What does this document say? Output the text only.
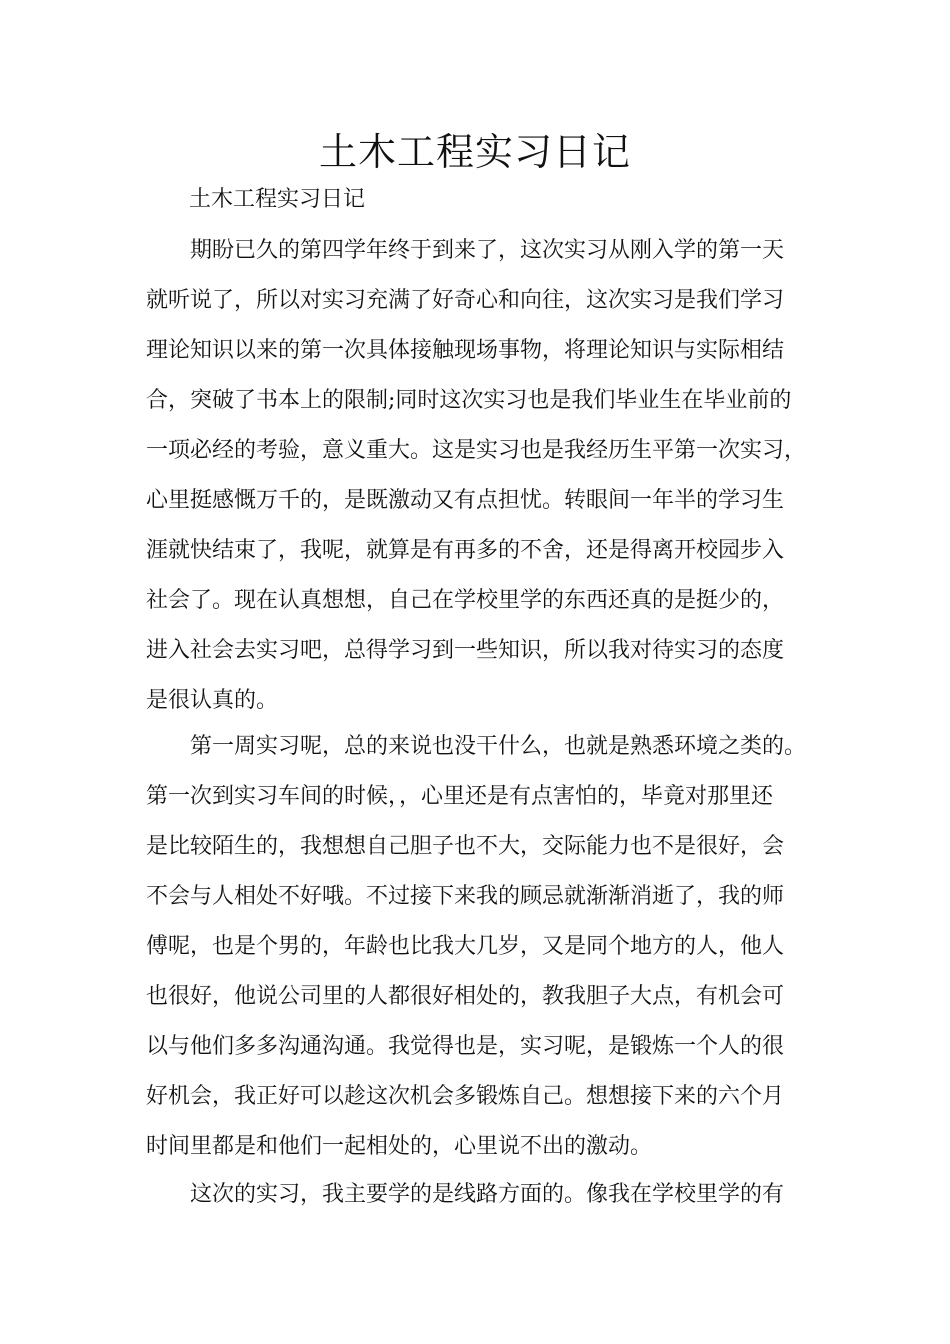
土木工程实习日记

土木工程实习日记

期盼已久的第四学年终于到来了，这次实习从刚入学的第一天
就听说了，所以对实习充满了好奇心和向往，这次实习是我们学习
理论知识以来的第一次具体接触现场事物，将理论知识与实际相结
合，突破了书本上的限制;同时这次实习也是我们毕业生在毕业前的
一项必经的考验，意义重大。这是实习也是我经历生平第一次实习，
心里挺感慨万千的，是既激动又有点担忧。转眼间一年半的学习生
涯就快结束了，我呢，就算是有再多的不舍，还是得离开校园步入
社会了。现在认真想想，自己在学校里学的东西还真的是挺少的，
进入社会去实习吧，总得学习到一些知识，所以我对待实习的态度
是很认真的。
第一周实习呢，总的来说也没干什么，也就是熟悉环境之类的。
第一次到实习车间的时候，，心里还是有点害怕的，毕竟对那里还
是比较陌生的，我想想自己胆子也不大，交际能力也不是很好，会
不会与人相处不好哦。不过接下来我的顾忌就渐渐消逝了，我的师
傅呢，也是个男的，年龄也比我大几岁，又是同个地方的人，他人
也很好，他说公司里的人都很好相处的，教我胆子大点，有机会可
以与他们多多沟通沟通。我觉得也是，实习呢，是锻炼一个人的很
好机会，我正好可以趁这次机会多锻炼自己。想想接下来的六个月
时间里都是和他们一起相处的，心里说不出的激动。
这次的实习，我主要学的是线路方面的。像我在学校里学的有
